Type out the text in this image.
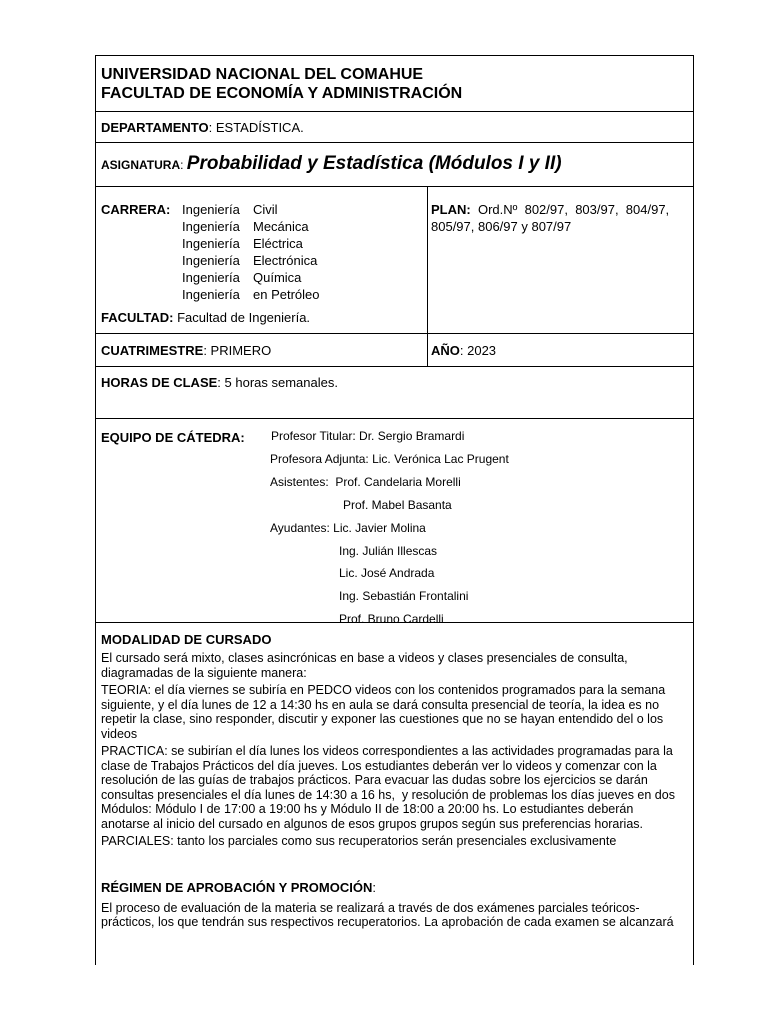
UNIVERSIDAD NACIONAL DEL COMAHUE
FACULTAD DE ECONOMÍA Y ADMINISTRACIÓN
DEPARTAMENTO: ESTADÍSTICA.
ASIGNATURA: Probabilidad y Estadística (Módulos I y II)
CARRERA: Ingeniería	Civil
Ingeniería	Mecánica
Ingeniería	Eléctrica
Ingeniería	Electrónica
Ingeniería	Química
Ingeniería	en Petróleo
FACULTAD: Facultad de Ingeniería.
PLAN: Ord.Nº  802/97,  803/97,  804/97,
805/97, 806/97 y 807/97
CUATRIMESTRE: PRIMERO	AÑO: 2023
HORAS DE CLASE: 5 horas semanales.
EQUIPO DE CÁTEDRA: Profesor Titular: Dr. Sergio Bramardi
Profesora Adjunta: Lic. Verónica Lac Prugent
Asistentes:  Prof. Candelaria Morelli
Prof. Mabel Basanta
Ayudantes: Lic. Javier Molina
Ing. Julián Illescas
Lic. José Andrada
Ing. Sebastián Frontalini
Prof. Bruno Cardelli
MODALIDAD DE CURSADO

El cursado será mixto, clases asincrónicas en base a videos y clases presenciales de consulta,

diagramadas de la siguiente manera:

TEORIA: el día viernes se subiría en PEDCO videos con los contenidos programados para la semana

siguiente, y el día lunes de 12 a 14:30 hs en aula se dará consulta presencial de teoría, la idea es no

repetir la clase, sino responder, discutir y exponer las cuestiones que no se hayan entendido del o los

videos

PRACTICA: se subirían el día lunes los videos correspondientes a las actividades programadas para la

clase de Trabajos Prácticos del día jueves. Los estudiantes deberán ver lo videos y comenzar con la

resolución de las guías de trabajos prácticos. Para evacuar las dudas sobre los ejercicios se darán

consultas presenciales el día lunes de 14:30 a 16 hs,  y resolución de problemas los días jueves en dos

Módulos: Módulo I de 17:00 a 19:00 hs y Módulo II de 18:00 a 20:00 hs. Lo estudiantes deberán

anotarse al inicio del cursado en algunos de esos grupos grupos según sus preferencias horarias.

PARCIALES: tanto los parciales como sus recuperatorios serán presenciales exclusivamente

RÉGIMEN DE APROBACIÓN Y PROMOCIÓN:

El proceso de evaluación de la materia se realizará a través de dos exámenes parciales teóricos-

prácticos, los que tendrán sus respectivos recuperatorios. La aprobación de cada examen se alcanzará
